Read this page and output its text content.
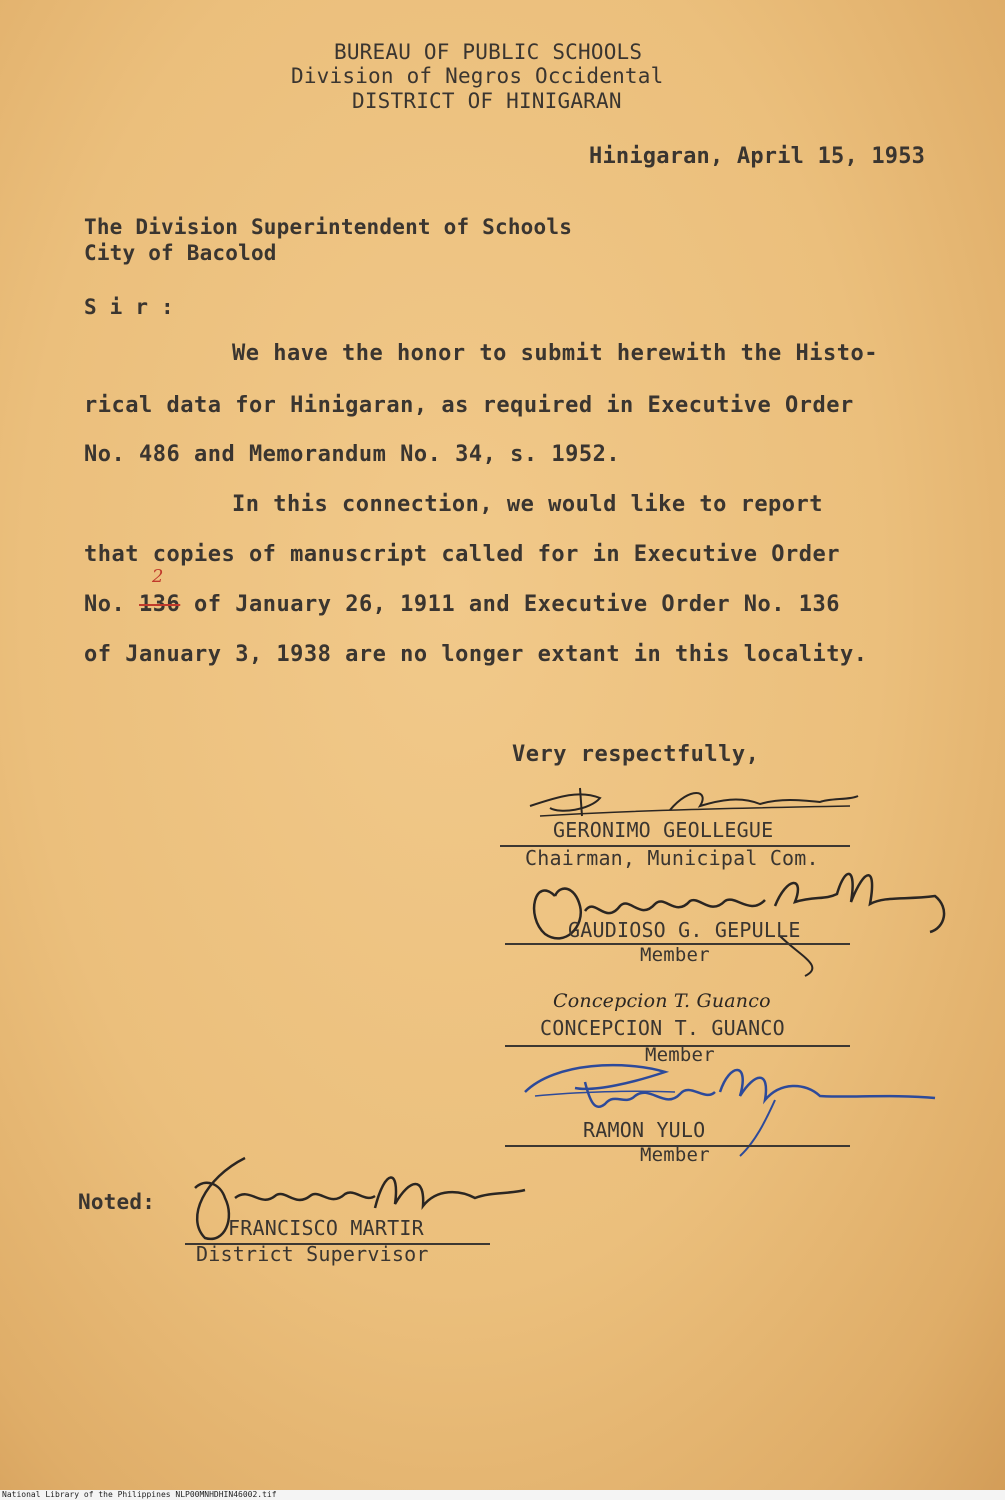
BUREAU OF PUBLIC SCHOOLS
Division of Negros Occidental
DISTRICT OF HINIGARAN
Hinigaran, April 15, 1953
The Division Superintendent of Schools
City of Bacolod
S i r :
We have the honor to submit herewith the Histo-
rical data for Hinigaran, as required in Executive Order
No. 486 and Memorandum No. 34, s. 1952.
In this connection, we would like to report
that copies of manuscript called for in Executive Order
No. 136 of January 26, 1911 and Executive Order No. 136
2
of January 3, 1938 are no longer extant in this locality.
Very respectfully,
GERONIMO GEOLLEGUE
Chairman, Municipal Com.
GAUDIOSO G. GEPULLE
Member
Concepcion T. Guanco
CONCEPCION T. GUANCO
Member
RAMON YULO
Member
Noted:
FRANCISCO MARTIR
District Supervisor
National Library of the Philippines NLP00MNHDHIN46002.tif
